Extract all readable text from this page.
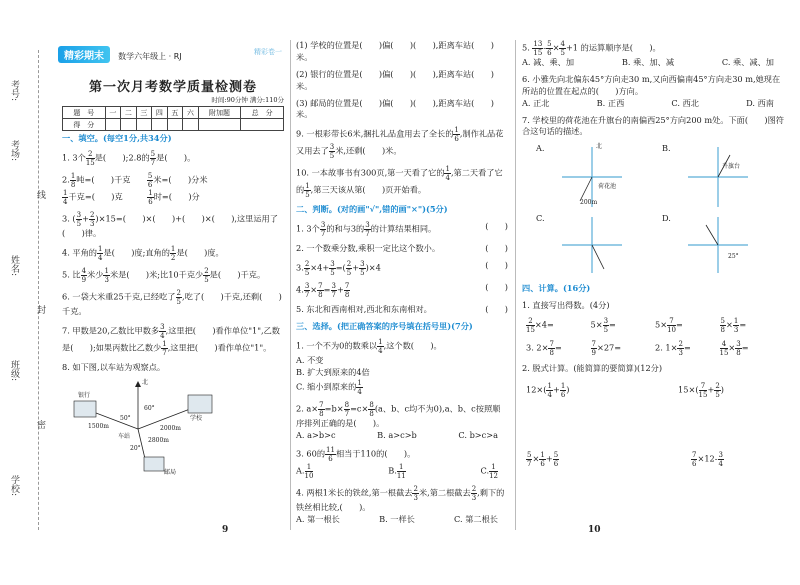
考号:
考场:
线
姓名:
封
班级:
密
学校:
精彩期末 数学六年级上 · RJ	精彩卷一
第一次月考数学质量检测卷
时间:90分钟 满分:110分
题　号	一	二	三	四	五	六	附加题	总　分
得　分								
一、填空。(每空1分,共34分)
1. 3个 $\frac{2}{15}$ 是(　　);2.8的 $\frac{5}{7}$ 是(　　)。
2. $\frac{1}{8}$ 吨=(　　)千克　　 $\frac{5}{6}$ 米=(　　)分米

$\frac{1}{4}$ 千克=(　　)克　　　	$\frac{1}{6}$ 时=(　　)分
3. ( $\frac{3}{5} + \frac{2}{3} )\times 15=$(　　)×(　　)+(　　)×(　　),这里运用了(　　)律。
4. 平角的 $\frac{1}{4}$ 是(　　)度;直角的 $\frac{1}{2}$ 是(　　)度。
5. 比 $\frac{4}{9}$ 米少 $\frac{1}{3}$ 米是(　　)米;比10千克少 $\frac{2}{5}$ 是(　　)千克。
6. 一袋大米重25千克,已经吃了 $\frac{2}{5}$ ,吃了(　　)千克,还剩(　　)千克。
7. 甲数是20,乙数比甲数多 $\frac{3}{4}$ ,这里把(　　)看作单位"1",乙数是(　　);如果丙数比乙数少 $\frac{1}{7}$ ,这里把(　　)看作单位"1"。
8. 如下图,以车站为观察点。
北
银行
学校
车站
邮局
1500m	2000m
2800m
50°
60°
20°
(1) 学校的位置是(　　)偏(　　)(　　),距离车站(　　)米。
(2) 银行的位置是(　　)偏(　　)(　　),距离车站(　　)米。
(3) 邮局的位置是(　　)偏(　　)(　　),距离车站(　　)米。
9. 一根彩带长6米,捆扎礼品盒用去了全长的 $\frac{1}{6}$ ,制作礼品花又用去了 $\frac{3}{5}$ 米,还剩(　　)米。
10. 一本故事书有300页,第一天看了它的 $\frac{1}{4}$ ,第二天看了它的 $\frac{1}{5}$ ,第三天该从第(　　)页开始看。
二、判断。(对的画"√",错的画"×")(5分)
1. 3个 $\frac{3}{7}$ 的和与3的 $\frac{3}{7}$ 的计算结果相同。	(　　)
2. 一个数乘分数,乘积一定比这个数小。	(　　)
3. $\frac{2}{5} \times 4+ \frac{3}{5}$ =( $\frac{2}{5} + \frac{3}{5} )\times 4$	(　　)
4. $\frac{3}{7} \times \frac{7}{8} = \frac{3}{7} + \frac{7}{8}$	(　　)
5. 东北和西南相对,西北和东南相对。	(　　)
三、选择。(把正确答案的序号填在括号里)(7分)
1. 一个不为0的数乘以 $\frac{1}{4}$ ,这个数(　　)。
A. 不变
B. 扩大到原来的4倍
C. 缩小到原来的 $\frac{1}{4}$
2. $a\times \frac{7}{8} =b\times \frac{8}{7} =c\times \frac{8}{8} (a$、b、c均不为0),a、b、c按照顺序排列正确的是(　　)。
A. a>b>c	B. a>c>b	C. b>c>a
3. 60的 $\frac{11}{6}$ 相当于110的(　　)。
A. $\frac{1}{10}$	B. $\frac{1}{11}$	C. $\frac{1}{12}$
4. 两根1米长的铁丝,第一根截去 $\frac{2}{3}$ 米,第二根截去 $\frac{2}{3}$ ,剩下的铁丝相比较,(　　)。
A. 第一根长	B. 一样长	C. 第二根长
5. $\frac{13}{15} - \frac{5}{6} \times \frac{4}{5} +1$ 的运算顺序是(　　)。
A. 减、乘、加	B. 乘、加、减	C. 乘、减、加
6. 小雅先向北偏东45°方向走30 m,又向西偏南45°方向走30 m,她现在所站的位置在起点的(　　)方向。
A. 正北	B. 正西	C. 西北	D. 西南
7. 学校里的荷花池在升旗台的南偏西25°方向200 m处。下面(　　)图符合这句话的描述。
A.	B.
C.	D.
北
荷花池
升旗台
200m
25°
四、计算。(16分)
1. 直接写出得数。(4分)
$\frac{2}{15} \times 4=$	$5\times \frac{3}{5}$ =	$5\times \frac{7}{10}$ =	$\frac{5}{8} \times \frac{1}{3}$ =
3. $2\times \frac{7}{8}$ =	$\frac{7}{9} \times 27=$	2. $1\times \frac{2}{3}$ =	$\frac{4}{15} \times \frac{3}{8}$ =
2. 脱式计算。(能简算的要简算)(12分)
$12\times( \frac{1}{4} + \frac{1}{6}$ )	$15\times( \frac{7}{15} + \frac{2}{5}$ )
$\frac{5}{7} \times \frac{1}{6} + \frac{5}{6}$	$\frac{7}{6} \times 12- \frac{3}{4}$
9	10
